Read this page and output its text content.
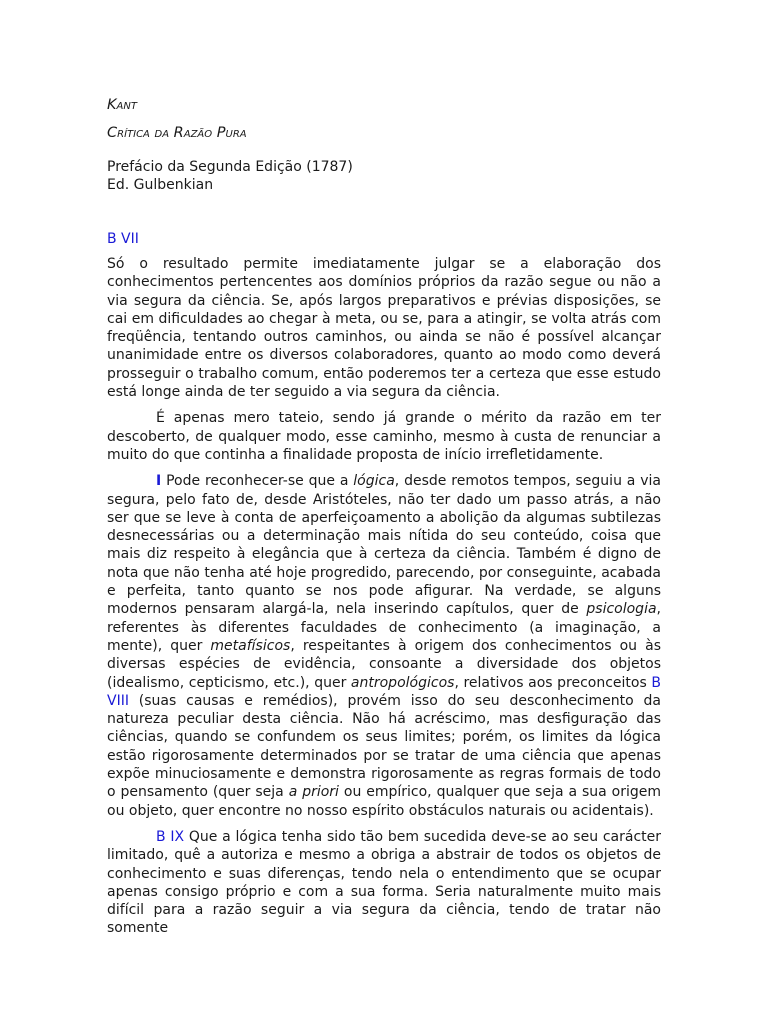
Kant
Crítica da Razão Pura
Prefácio da Segunda Edição (1787)
Ed. Gulbenkian
B VII

Só o resultado permite imediatamente julgar se a elaboração dos conhecimentos pertencentes aos domínios próprios da razão segue ou não a via segura da ciência. Se, após largos preparativos e prévias disposições, se cai em dificuldades ao chegar à meta, ou se, para a atingir, se volta atrás com freqüência, tentando outros caminhos, ou ainda se não é possível alcançar unanimidade entre os diversos colaboradores, quanto ao modo como deverá prosseguir o trabalho comum, então poderemos ter a certeza que esse estudo está longe ainda de ter seguido a via segura da ciência.

É apenas mero tateio, sendo já grande o mérito da razão em ter descoberto, de qualquer modo, esse caminho, mesmo à custa de renunciar a muito do que continha a finalidade proposta de início irrefletidamente.

I Pode reconhecer-se que a lógica, desde remotos tempos, seguiu a via segura, pelo fato de, desde Aristóteles, não ter dado um passo atrás, a não ser que se leve à conta de aperfeiçoamento a abolição da algumas subtilezas desnecessárias ou a determinação mais nítida do seu conteúdo, coisa que mais diz respeito à elegância que à certeza da ciência. Também é digno de nota que não tenha até hoje progredido, parecendo, por conseguinte, acabada e perfeita, tanto quanto se nos pode afigurar. Na verdade, se alguns modernos pensaram alargá-la, nela inserindo capítulos, quer de psicologia, referentes às diferentes faculdades de conhecimento (a imaginação, a mente), quer metafísicos, respeitantes à origem dos conhecimentos ou às diversas espécies de evidência, consoante a diversidade dos objetos (idealismo, cepticismo, etc.), quer antropológicos, relativos aos preconceitos B VIII (suas causas e remédios), provém isso do seu desconhecimento da natureza peculiar desta ciência. Não há acréscimo, mas desfiguração das ciências, quando se confundem os seus limites; porém, os limites da lógica estão rigorosamente determinados por se tratar de uma ciência que apenas expõe minuciosamente e demonstra rigorosamente as regras formais de todo o pensamento (quer seja a priori ou empírico, qualquer que seja a sua origem ou objeto, quer encontre no nosso espírito obstáculos naturais ou acidentais).

B IX Que a lógica tenha sido tão bem sucedida deve-se ao seu carácter limitado, quê a autoriza e mesmo a obriga a abstrair de todos os objetos de conhecimento e suas diferenças, tendo nela o entendimento que se ocupar apenas consigo próprio e com a sua forma. Seria naturalmente muito mais difícil para a razão seguir a via segura da ciência, tendo de tratar não somente
